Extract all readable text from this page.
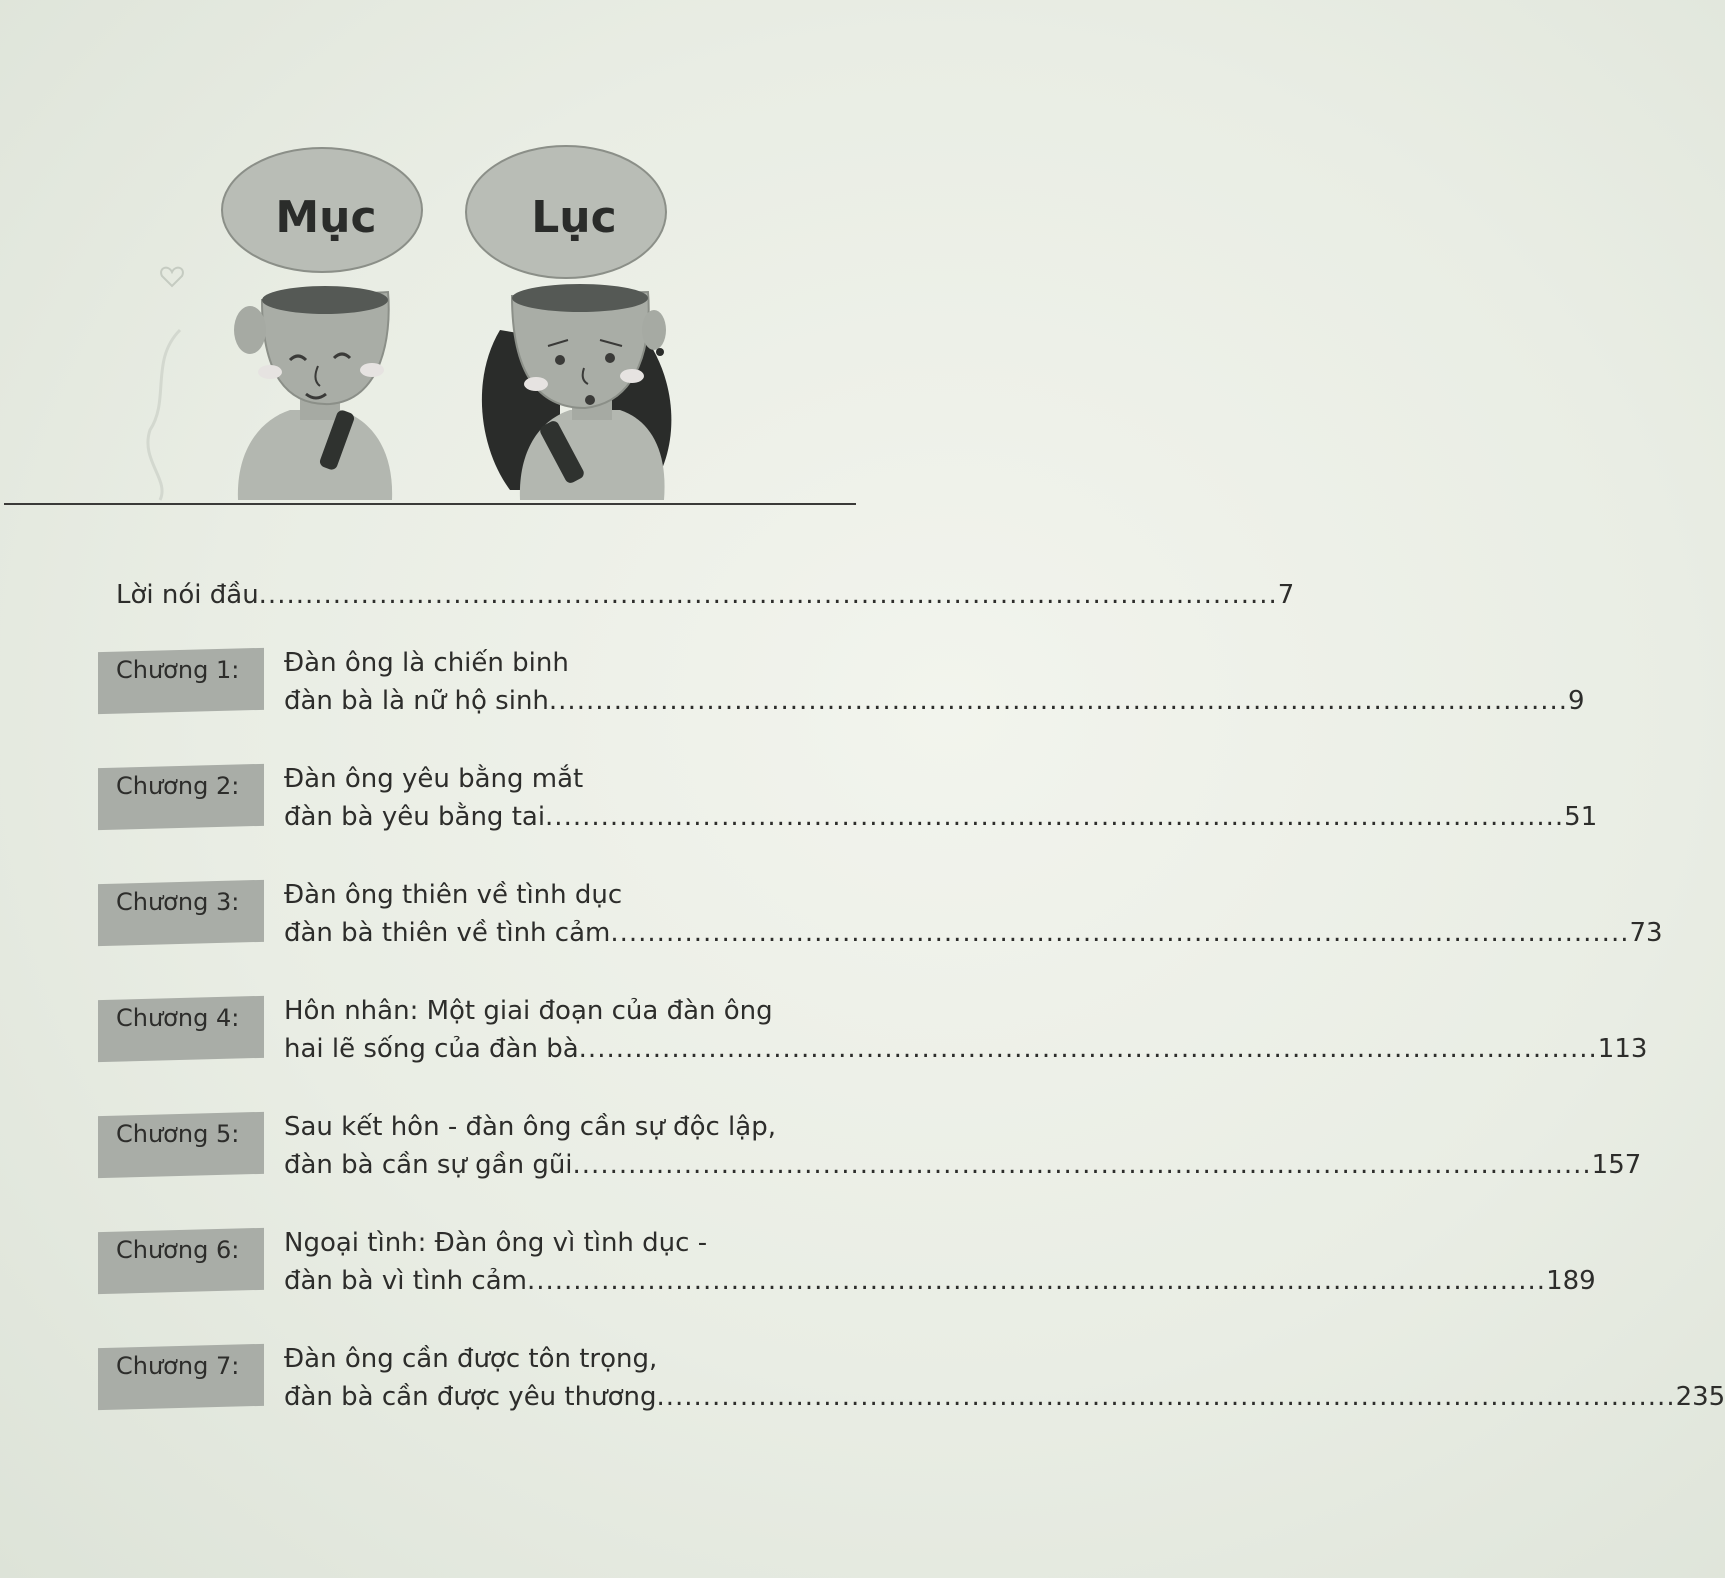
Mục	Lục
Lời nói đầu .............................................................................................................. 7
Chương 1: Đàn ông là chiến binh
đàn bà là nữ hộ sinh .............................................................................................................. 9
Chương 2: Đàn ông yêu bằng mắt
đàn bà yêu bằng tai .............................................................................................................. 51
Chương 3: Đàn ông thiên về tình dục
đàn bà thiên về tình cảm .............................................................................................................. 73
Chương 4: Hôn nhân: Một giai đoạn của đàn ông
hai lẽ sống của đàn bà .............................................................................................................. 113
Chương 5: Sau kết hôn - đàn ông cần sự độc lập,
đàn bà cần sự gần gũi .............................................................................................................. 157
Chương 6: Ngoại tình: Đàn ông vì tình dục -
đàn bà vì tình cảm .............................................................................................................. 189
Chương 7: Đàn ông cần được tôn trọng,
đàn bà cần được yêu thương .............................................................................................................. 235
